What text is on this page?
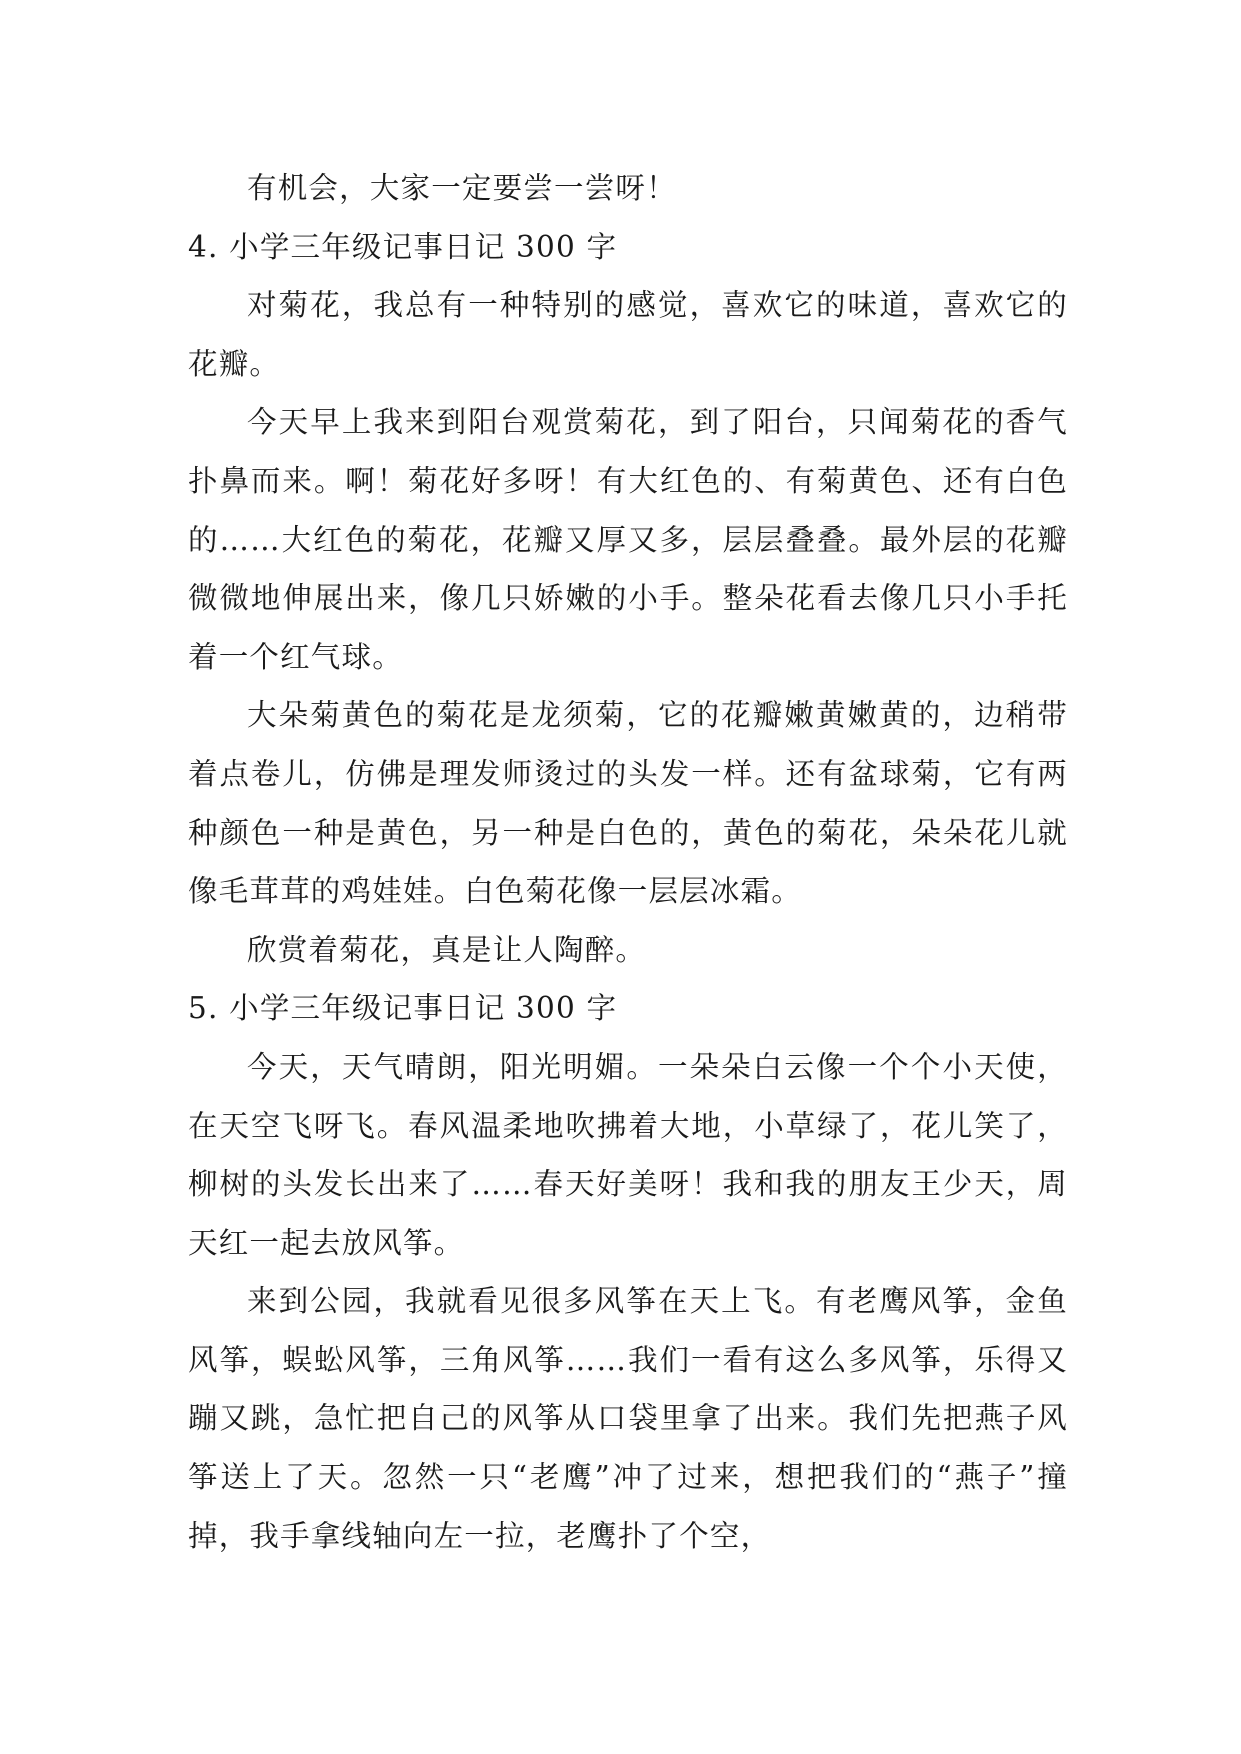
有机会，大家一定要尝一尝呀！

4. 小学三年级记事日记 300 字

对菊花，我总有一种特别的感觉，喜欢它的味道，喜欢它的花瓣。

今天早上我来到阳台观赏菊花，到了阳台，只闻菊花的香气扑鼻而来。啊！菊花好多呀！有大红色的、有菊黄色、还有白色的……大红色的菊花，花瓣又厚又多，层层叠叠。最外层的花瓣微微地伸展出来，像几只娇嫩的小手。整朵花看去像几只小手托着一个红气球。

大朵菊黄色的菊花是龙须菊，它的花瓣嫩黄嫩黄的，边稍带着点卷儿，仿佛是理发师烫过的头发一样。还有盆球菊，它有两种颜色一种是黄色，另一种是白色的，黄色的菊花，朵朵花儿就像毛茸茸的鸡娃娃。白色菊花像一层层冰霜。

欣赏着菊花，真是让人陶醉。

5. 小学三年级记事日记 300 字

今天，天气晴朗，阳光明媚。一朵朵白云像一个个小天使，在天空飞呀飞。春风温柔地吹拂着大地，小草绿了，花儿笑了，柳树的头发长出来了……春天好美呀！我和我的朋友王少天，周天红一起去放风筝。

来到公园，我就看见很多风筝在天上飞。有老鹰风筝，金鱼风筝，蜈蚣风筝，三角风筝……我们一看有这么多风筝，乐得又蹦又跳，急忙把自己的风筝从口袋里拿了出来。我们先把燕子风筝送上了天。忽然一只“老鹰”冲了过来，想把我们的“燕子”撞掉，我手拿线轴向左一拉，老鹰扑了个空，
